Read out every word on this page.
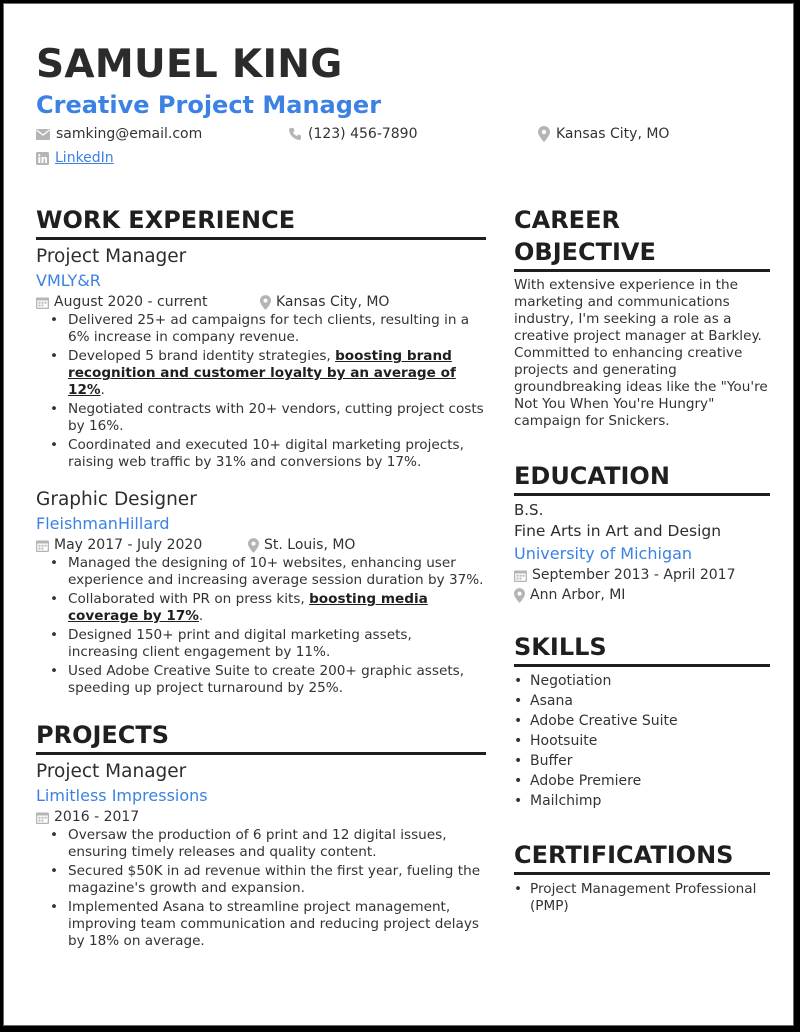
SAMUEL KING
Creative Project Manager
samking@email.com	(123) 456-7890	Kansas City, MO
LinkedIn
WORK EXPERIENCE
Project Manager
VMLY&R
August 2020 - current	Kansas City, MO
• Delivered 25+ ad campaigns for tech clients, resulting in a 6% increase in company revenue.
• Developed 5 brand identity strategies, boosting brand recognition and customer loyalty by an average of 12%.
• Negotiated contracts with 20+ vendors, cutting project costs by 16%.
• Coordinated and executed 10+ digital marketing projects, raising web traffic by 31% and conversions by 17%.
Graphic Designer
FleishmanHillard
May 2017 - July 2020	St. Louis, MO
• Managed the designing of 10+ websites, enhancing user experience and increasing average session duration by 37%.
• Collaborated with PR on press kits, boosting media coverage by 17%.
• Designed 150+ print and digital marketing assets, increasing client engagement by 11%.
• Used Adobe Creative Suite to create 200+ graphic assets, speeding up project turnaround by 25%.
PROJECTS
Project Manager
Limitless Impressions
2016 - 2017
• Oversaw the production of 6 print and 12 digital issues, ensuring timely releases and quality content.
• Secured $50K in ad revenue within the first year, fueling the magazine's growth and expansion.
• Implemented Asana to streamline project management, improving team communication and reducing project delays by 18% on average.
CAREER
OBJECTIVE
With extensive experience in the marketing and communications industry, I'm seeking a role as a creative project manager at Barkley. Committed to enhancing creative projects and generating groundbreaking ideas like the "You're Not You When You're Hungry" campaign for Snickers.
EDUCATION
B.S.
Fine Arts in Art and Design
University of Michigan
September 2013 - April 2017
Ann Arbor, MI
SKILLS
• Negotiation
• Asana
• Adobe Creative Suite
• Hootsuite
• Buffer
• Adobe Premiere
• Mailchimp
CERTIFICATIONS
• Project Management Professional (PMP)
